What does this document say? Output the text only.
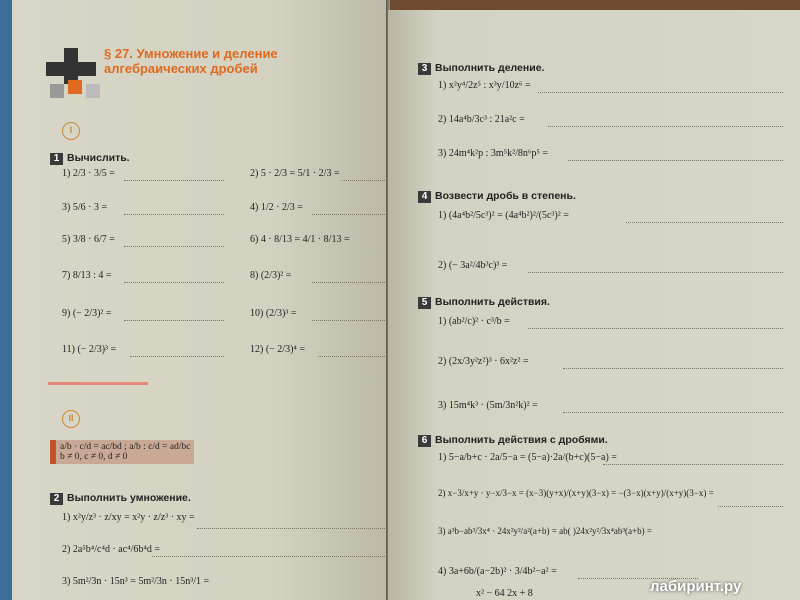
§ 27. Умножение и деление
алгебраических дробей
I
1 Вычислить.
1) 2/3 · 3/5 =	2) 5 · 2/3 = 5/1 · 2/3 =
3) 5/6 · 3 =	4) 1/2 · 2/3 =
5) 3/8 · 6/7 =	6) 4 · 8/13 = 4/1 · 8/13 =
7) 8/13 : 4 =	8) (2/3)² =
9) (− 2/3)² =	10) (2/3)³ =
11) (− 2/3)³ =	12) (− 2/3)⁴ =
II
a/b · c/d = ac/bd ; a/b : c/d = ad/bc
b ≠ 0, c ≠ 0, d ≠ 0
2 Выполнить умножение.
1) x²y/z³ · z/xy = x²y · z/z³ · xy =
2) 2a⁵b⁴/c⁴d · ac⁴/6b⁴d =
3) 5m²/3n · 15n³ = 5m²/3n · 15n³/1 =
3 Выполнить деление.
1) x²y⁴/2z⁵ : x³y/10z⁶ =
2) 14a⁴b/3c³ : 21a²c =
3) 24m⁴k²p : 3m⁵k²/8n⁶p⁵ =
4 Возвести дробь в степень.
1) (4a⁴b²/5c³)² = (4a⁴b²)²/(5c³)² =
2) (− 3a²/4b³c)³ =
5 Выполнить действия.
1) (ab²/c)² · c³/b =
2) (2x/3y²z²)³ · 6x²z² =
3) 15m⁴k³ · (5m/3n²k)² =
6 Выполнить действия с дробями.
1) 5−a/b+c · 2a/5−a = (5−a)·2a/(b+c)(5−a) =
2) x−3/x+y · y−x/3−x = (x−3)(y+x)/(x+y)(3−x) = −(3−x)(x+y)/(x+y)(3−x) =
3) a³b−ab³/3x⁴ · 24x²y²/a²(a+b) = ab( )24x²y²/3x⁴ab³(a+b) =
4) 3a+6b/(a−2b)² · 3/4b²−a² =
x² − 64 2x + 8	лабиринт.ру
